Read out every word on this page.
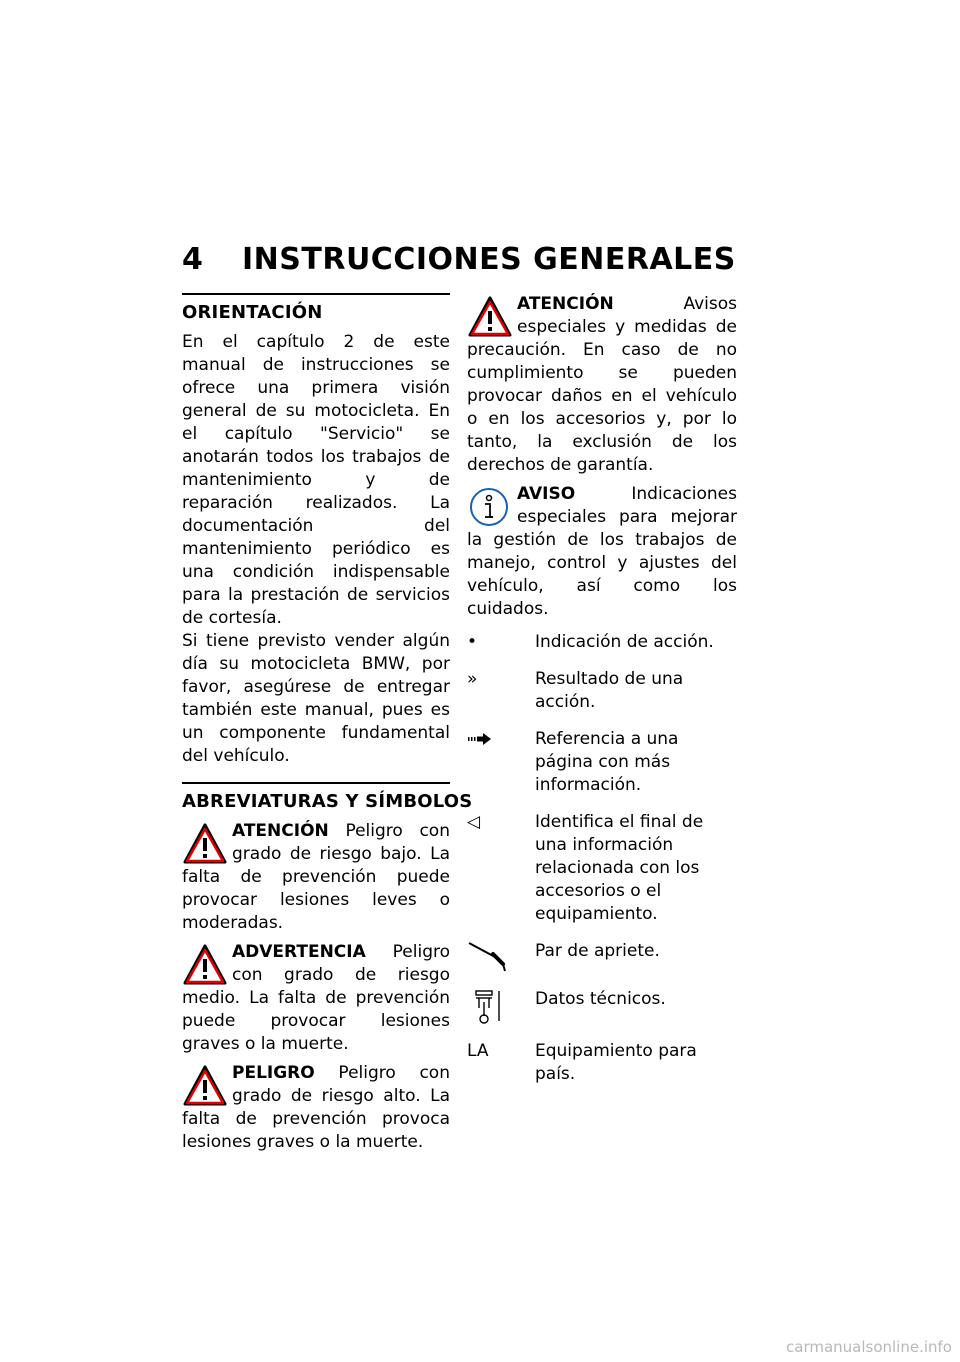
4 INSTRUCCIONES GENERALES
ORIENTACIÓN

En el capítulo 2 de este manual de instrucciones se ofrece una primera visión general de su motocicleta. En el capítulo "Servicio" se anotarán todos los trabajos de mantenimiento y de reparación realizados. La documentación del mantenimiento periódico es una condición indispensable para la prestación de servicios de cortesía.

Si tiene previsto vender algún día su motocicleta BMW, por favor, asegúrese de entregar también este manual, pues es un componente fundamental del vehículo.

ABREVIATURAS Y SÍMBOLOS
ATENCIÓN Peligro con grado de riesgo bajo. La falta de prevención puede provocar lesiones leves o moderadas.
ADVERTENCIA Peligro con grado de riesgo medio. La falta de prevención puede provocar lesiones graves o la muerte.
PELIGRO Peligro con grado de riesgo alto. La falta de prevención provoca lesiones graves o la muerte.
ATENCIÓN	Avisos especiales y medidas de precaución. En caso de no cumplimiento se pueden provocar daños en el vehículo o en los accesorios y, por lo tanto, la exclusión de los derechos de garantía.
AVISO	Indicaciones especiales para mejorar la gestión de los trabajos de manejo, control y ajustes del vehículo, así como los cuidados.
•	Indicación de acción.
»	Resultado de una acción.
Referencia a una página con más información.
◁	Identifica el final de una información relacionada con los accesorios o el equipamiento.
Par de apriete.
Datos técnicos.
LA	Equipamiento para país.
carmanualsonline.info
